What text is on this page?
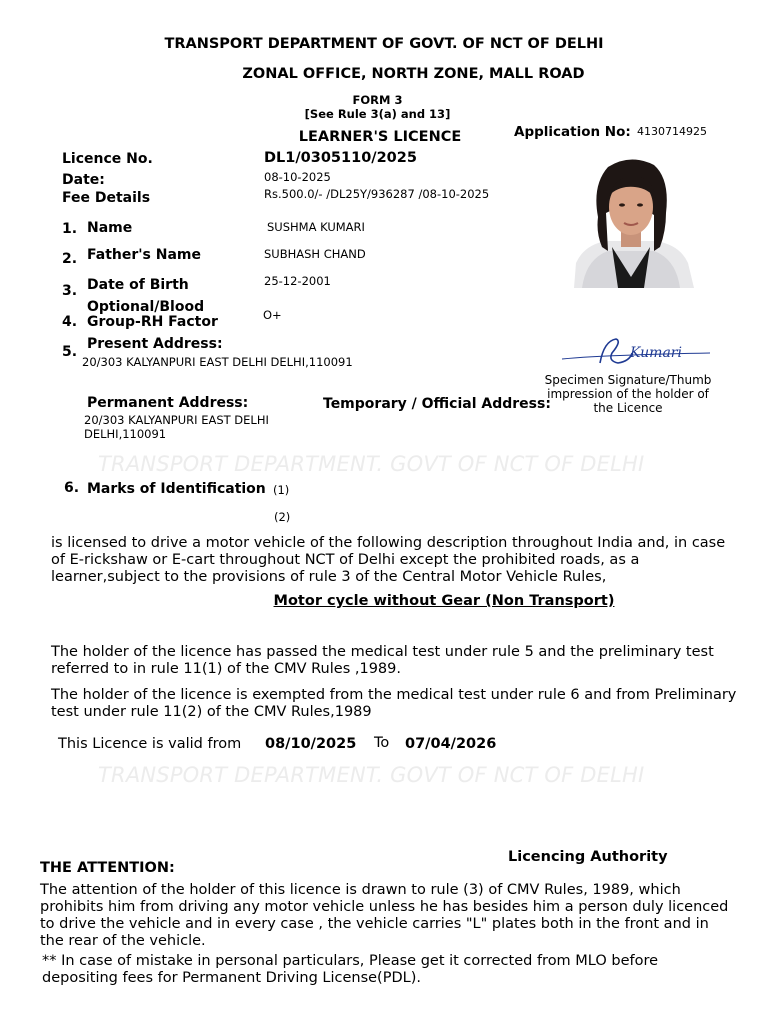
TRANSPORT DEPARTMENT OF GOVT. OF NCT OF DELHI
ZONAL OFFICE, NORTH ZONE, MALL ROAD
FORM 3
[See Rule 3(a) and 13]
LEARNER'S LICENCE	Application No: 4130714925
Licence No.	DL1/0305110/2025
Date:	08-10-2025
Fee Details	Rs.500.0/- /DL25Y/936287 /08-10-2025
1. Name	SUSHMA KUMARI
2. Father's Name	SUBHASH CHAND
3. Date of Birth	25-12-2001
4.
Optional/Blood
Group-RH Factor	O+
5. Present Address:
20/303 KALYANPURI EAST DELHI DELHI,110091
Permanent Address:
20/303 KALYANPURI EAST DELHI
DELHI,110091
Temporary / Official Address:
Kumari
Specimen Signature/Thumb
impression of the holder of
the Licence
TRANSPORT DEPARTMENT. GOVT OF NCT OF DELHI
6. Marks of Identification (1)
(2)
is licensed to drive a motor vehicle of the following description throughout India and, in case of E-rickshaw or E-cart throughout NCT of Delhi except the prohibited roads, as a learner,subject to the provisions of rule 3 of the Central Motor Vehicle Rules,
Motor cycle without Gear (Non Transport)
The holder of the licence has passed the medical test under rule 5 and the preliminary test referred to in rule 11(1) of the CMV Rules ,1989.
The holder of the licence is exempted from the medical test under rule 6 and from Preliminary test under rule 11(2) of the CMV Rules,1989
This Licence is valid from 08/10/2025 To 07/04/2026
TRANSPORT DEPARTMENT. GOVT OF NCT OF DELHI
Licencing Authority
THE ATTENTION:
The attention of the holder of this licence is drawn to rule (3) of CMV Rules, 1989, which prohibits him from driving any motor vehicle unless he has besides him a person duly licenced to drive the vehicle and in every case , the vehicle carries "L" plates both in the front and in the rear of the vehicle.
** In case of mistake in personal particulars, Please get it corrected from MLO before depositing fees for Permanent Driving License(PDL).
